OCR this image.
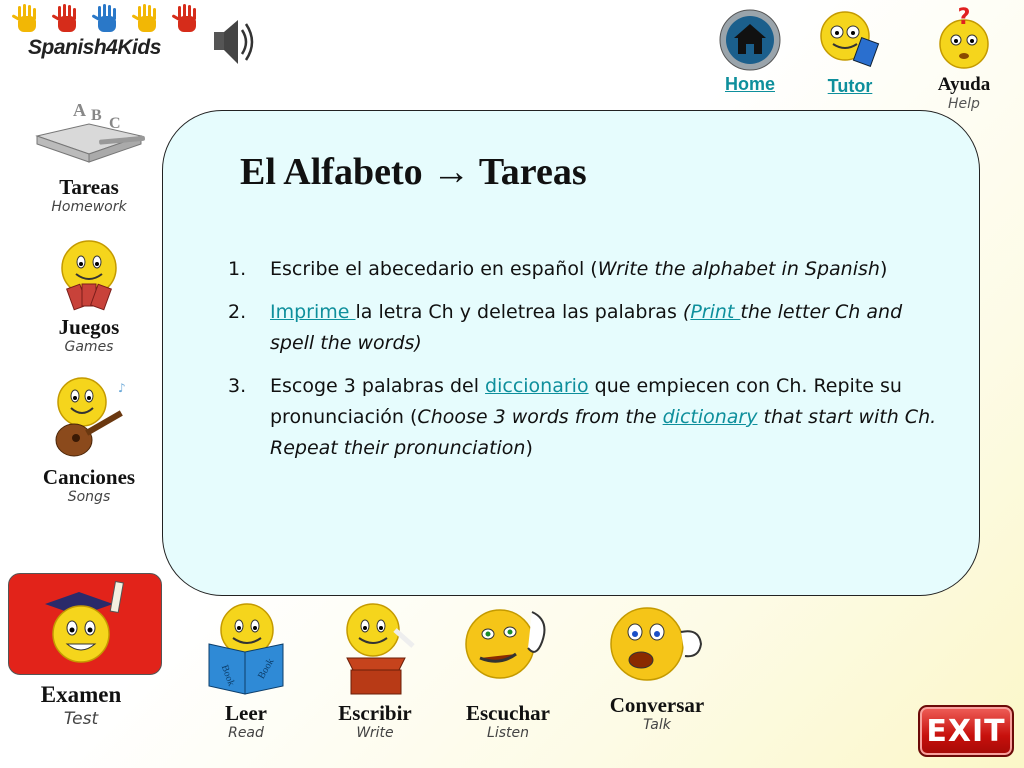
Spanish4Kids
Home	Tutor
?
Ayuda
Help
A B C
Tareas
Homework
Juegos
Games
♪
Canciones
Songs
Examen
Test
El Alfabeto → Tareas
1. Escribe el abecedario en español (Write the alphabet in Spanish)
2. Imprime la letra Ch y deletrea las palabras (Print the letter Ch and spell the words)
3. Escoge 3 palabras del diccionario que empiecen con Ch. Repite su pronunciación (Choose 3 words from the dictionary that start with Ch. Repeat their pronunciation)
Book Book
Leer
Read
Escribir
Write
Escuchar
Listen
Conversar
Talk	EXIT
